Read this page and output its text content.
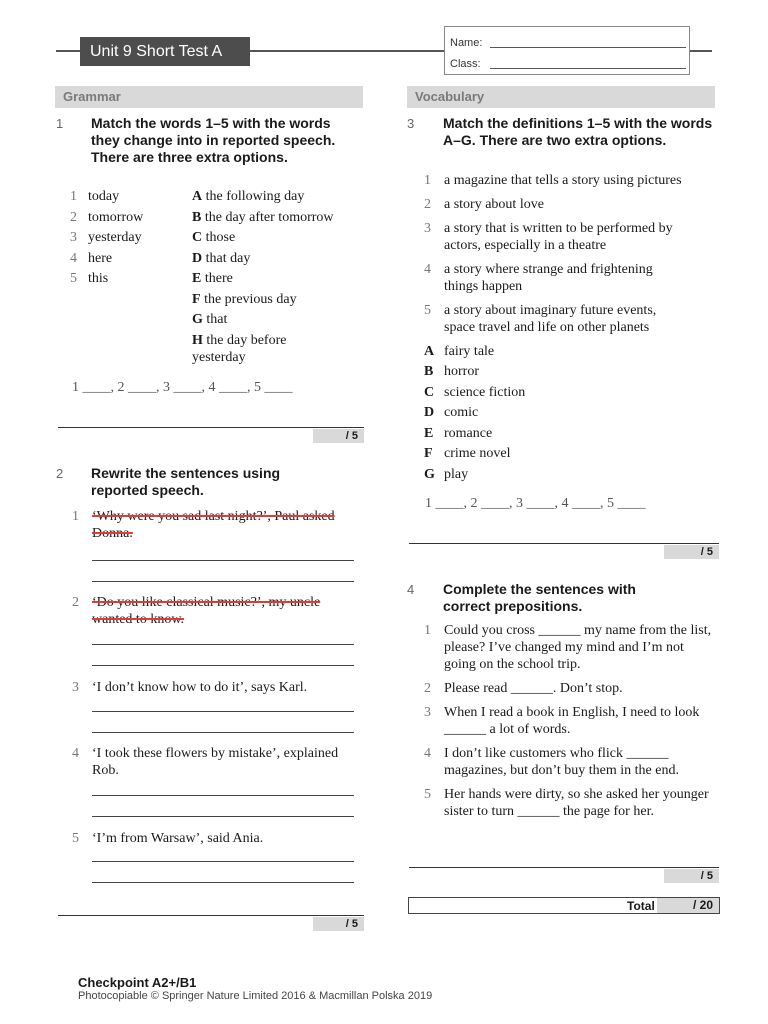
Unit 9 Short Test A	Name:
Class:
Grammar	Vocabulary
1 Match the words 1–5 with the words they change into in reported speech. There are three extra options.
1 today
2 tomorrow
3 yesterday
4 here
5 this
A the following day
B the day after tomorrow
C those
D that day
E there
F the previous day
G that
H the day before yesterday
1 ____, 2 ____, 3 ____, 4 ____, 5 ____
/ 5
2 Rewrite the sentences using reported speech.
1 ‘Why were you sad last night?’, Paul asked Donna.
2 ‘Do you like classical music?’, my uncle wanted to know.
3 ‘I don’t know how to do it’, says Karl.
4 ‘I took these flowers by mistake’, explained Rob.
5 ‘I’m from Warsaw’, said Ania.
/ 5
3 Match the definitions 1–5 with the words A–G. There are two extra options.
1 a magazine that tells a story using pictures
2 a story about love
3 a story that is written to be performed by actors, especially in a theatre
4 a story where strange and frightening things happen
5 a story about imaginary future events, space travel and life on other planets
A fairy tale
B horror
C science fiction
D comic
E romance
F crime novel
G play
1 ____, 2 ____, 3 ____, 4 ____, 5 ____
/ 5
4 Complete the sentences with correct prepositions.
1 Could you cross ______ my name from the list, please? I’ve changed my mind and I’m not going on the school trip.
2 Please read ______. Don’t stop.
3 When I read a book in English, I need to look ______ a lot of words.
4 I don’t like customers who flick ______ magazines, but don’t buy them in the end.
5 Her hands were dirty, so she asked her younger sister to turn ______ the page for her.
/ 5
Total	/ 20
Checkpoint A2+/B1
Photocopiable © Springer Nature Limited 2016 & Macmillan Polska 2019
